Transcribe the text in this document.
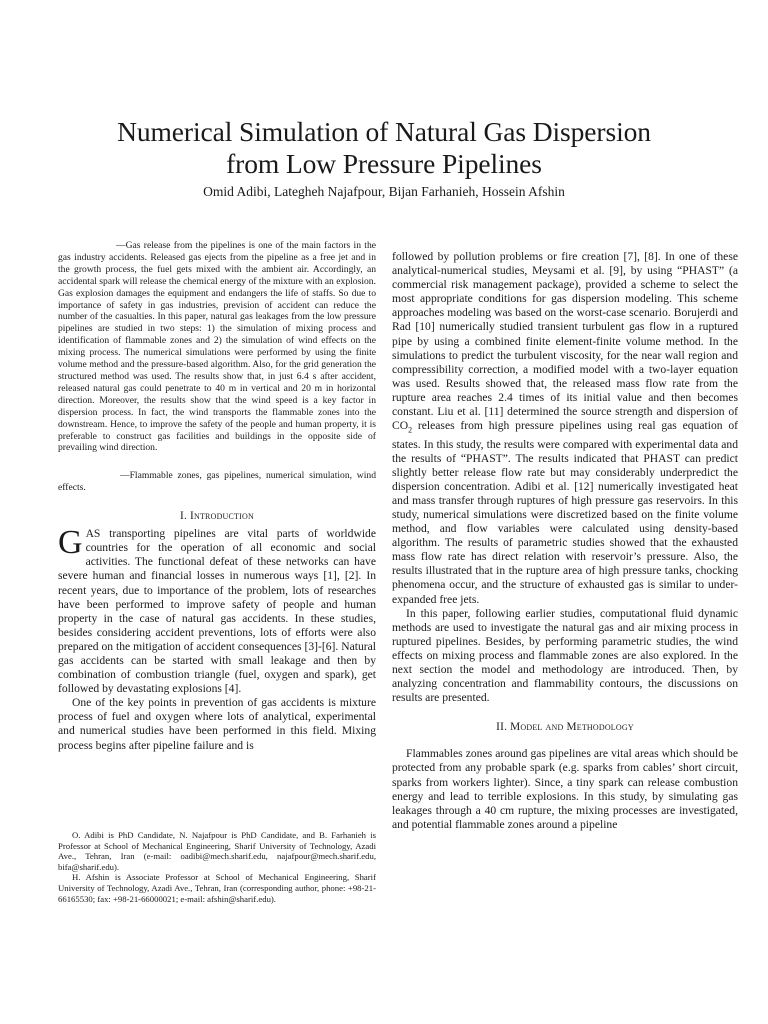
Numerical Simulation of Natural Gas Dispersion
from Low Pressure Pipelines

Omid Adibi, Lategheh Najafpour, Bijan Farhanieh, Hossein Afshin

—Gas release from the pipelines is one of the main factors in the gas industry accidents. Released gas ejects from the pipeline as a free jet and in the growth process, the fuel gets mixed with the ambient air. Accordingly, an accidental spark will release the chemical energy of the mixture with an explosion. Gas explosion damages the equipment and endangers the life of staffs. So due to importance of safety in gas industries, prevision of accident can reduce the number of the casualties. In this paper, natural gas leakages from the low pressure pipelines are studied in two steps: 1) the simulation of mixing process and identification of flammable zones and 2) the simulation of wind effects on the mixing process. The numerical simulations were performed by using the finite volume method and the pressure-based algorithm. Also, for the grid generation the structured method was used. The results show that, in just 6.4 s after accident, released natural gas could penetrate to 40 m in vertical and 20 m in horizontal direction. Moreover, the results show that the wind speed is a key factor in dispersion process. In fact, the wind transports the flammable zones into the downstream. Hence, to improve the safety of the people and human property, it is preferable to construct gas facilities and buildings in the opposite side of prevailing wind direction.

—Flammable zones, gas pipelines, numerical simulation, wind effects.

I. Introduction

GAS transporting pipelines are vital parts of worldwide countries for the operation of all economic and social activities. The functional defeat of these networks can have severe human and financial losses in numerous ways [1], [2]. In recent years, due to importance of the problem, lots of researches have been performed to improve safety of people and human property in the case of natural gas accidents. In these studies, besides considering accident preventions, lots of efforts were also prepared on the mitigation of accident consequences [3]-[6]. Natural gas accidents can be started with small leakage and then by combination of combustion triangle (fuel, oxygen and spark), get followed by devastating explosions [4].

One of the key points in prevention of gas accidents is mixture process of fuel and oxygen where lots of analytical, experimental and numerical studies have been performed in this field. Mixing process begins after pipeline failure and is

O. Adibi is PhD Candidate, N. Najafpour is PhD Candidate, and B. Farhanieh is Professor at School of Mechanical Engineering, Sharif University of Technology, Azadi Ave., Tehran, Iran (e-mail: oadibi@mech.sharif.edu, najafpour@mech.sharif.edu, bifa@sharif.edu).

H. Afshin is Associate Professor at School of Mechanical Engineering, Sharif University of Technology, Azadi Ave., Tehran, Iran (corresponding author, phone: +98-21-66165530; fax: +98-21-66000021; e-mail: afshin@sharif.edu).

followed by pollution problems or fire creation [7], [8]. In one of these analytical-numerical studies, Meysami et al. [9], by using “PHAST” (a commercial risk management package), provided a scheme to select the most appropriate conditions for gas dispersion modeling. This scheme approaches modeling was based on the worst-case scenario. Borujerdi and Rad [10] numerically studied transient turbulent gas flow in a ruptured pipe by using a combined finite element-finite volume method. In the simulations to predict the turbulent viscosity, for the near wall region and compressibility correction, a modified model with a two-layer equation was used. Results showed that, the released mass flow rate from the rupture area reaches 2.4 times of its initial value and then becomes constant. Liu et al. [11] determined the source strength and dispersion of $CO_2$ releases from high pressure pipelines using real gas equation of states. In this study, the results were compared with experimental data and the results of “PHAST”. The results indicated that PHAST can predict slightly better release flow rate but may considerably underpredict the dispersion concentration. Adibi et al. [12] numerically investigated heat and mass transfer through ruptures of high pressure gas reservoirs. In this study, numerical simulations were discretized based on the finite volume method, and flow variables were calculated using density-based algorithm. The results of parametric studies showed that the exhausted mass flow rate has direct relation with reservoir’s pressure. Also, the results illustrated that in the rupture area of high pressure tanks, chocking phenomena occur, and the structure of exhausted gas is similar to under-expanded free jets.

In this paper, following earlier studies, computational fluid dynamic methods are used to investigate the natural gas and air mixing process in ruptured pipelines. Besides, by performing parametric studies, the wind effects on mixing process and flammable zones are also explored. In the next section the model and methodology are introduced. Then, by analyzing concentration and flammability contours, the discussions on results are presented.

II. Model and Methodology

Flammables zones around gas pipelines are vital areas which should be protected from any probable spark (e.g. sparks from cables’ short circuit, sparks from workers lighter). Since, a tiny spark can release combustion energy and lead to terrible explosions. In this study, by simulating gas leakages through a 40 cm rupture, the mixing processes are investigated, and potential flammable zones around a pipeline
